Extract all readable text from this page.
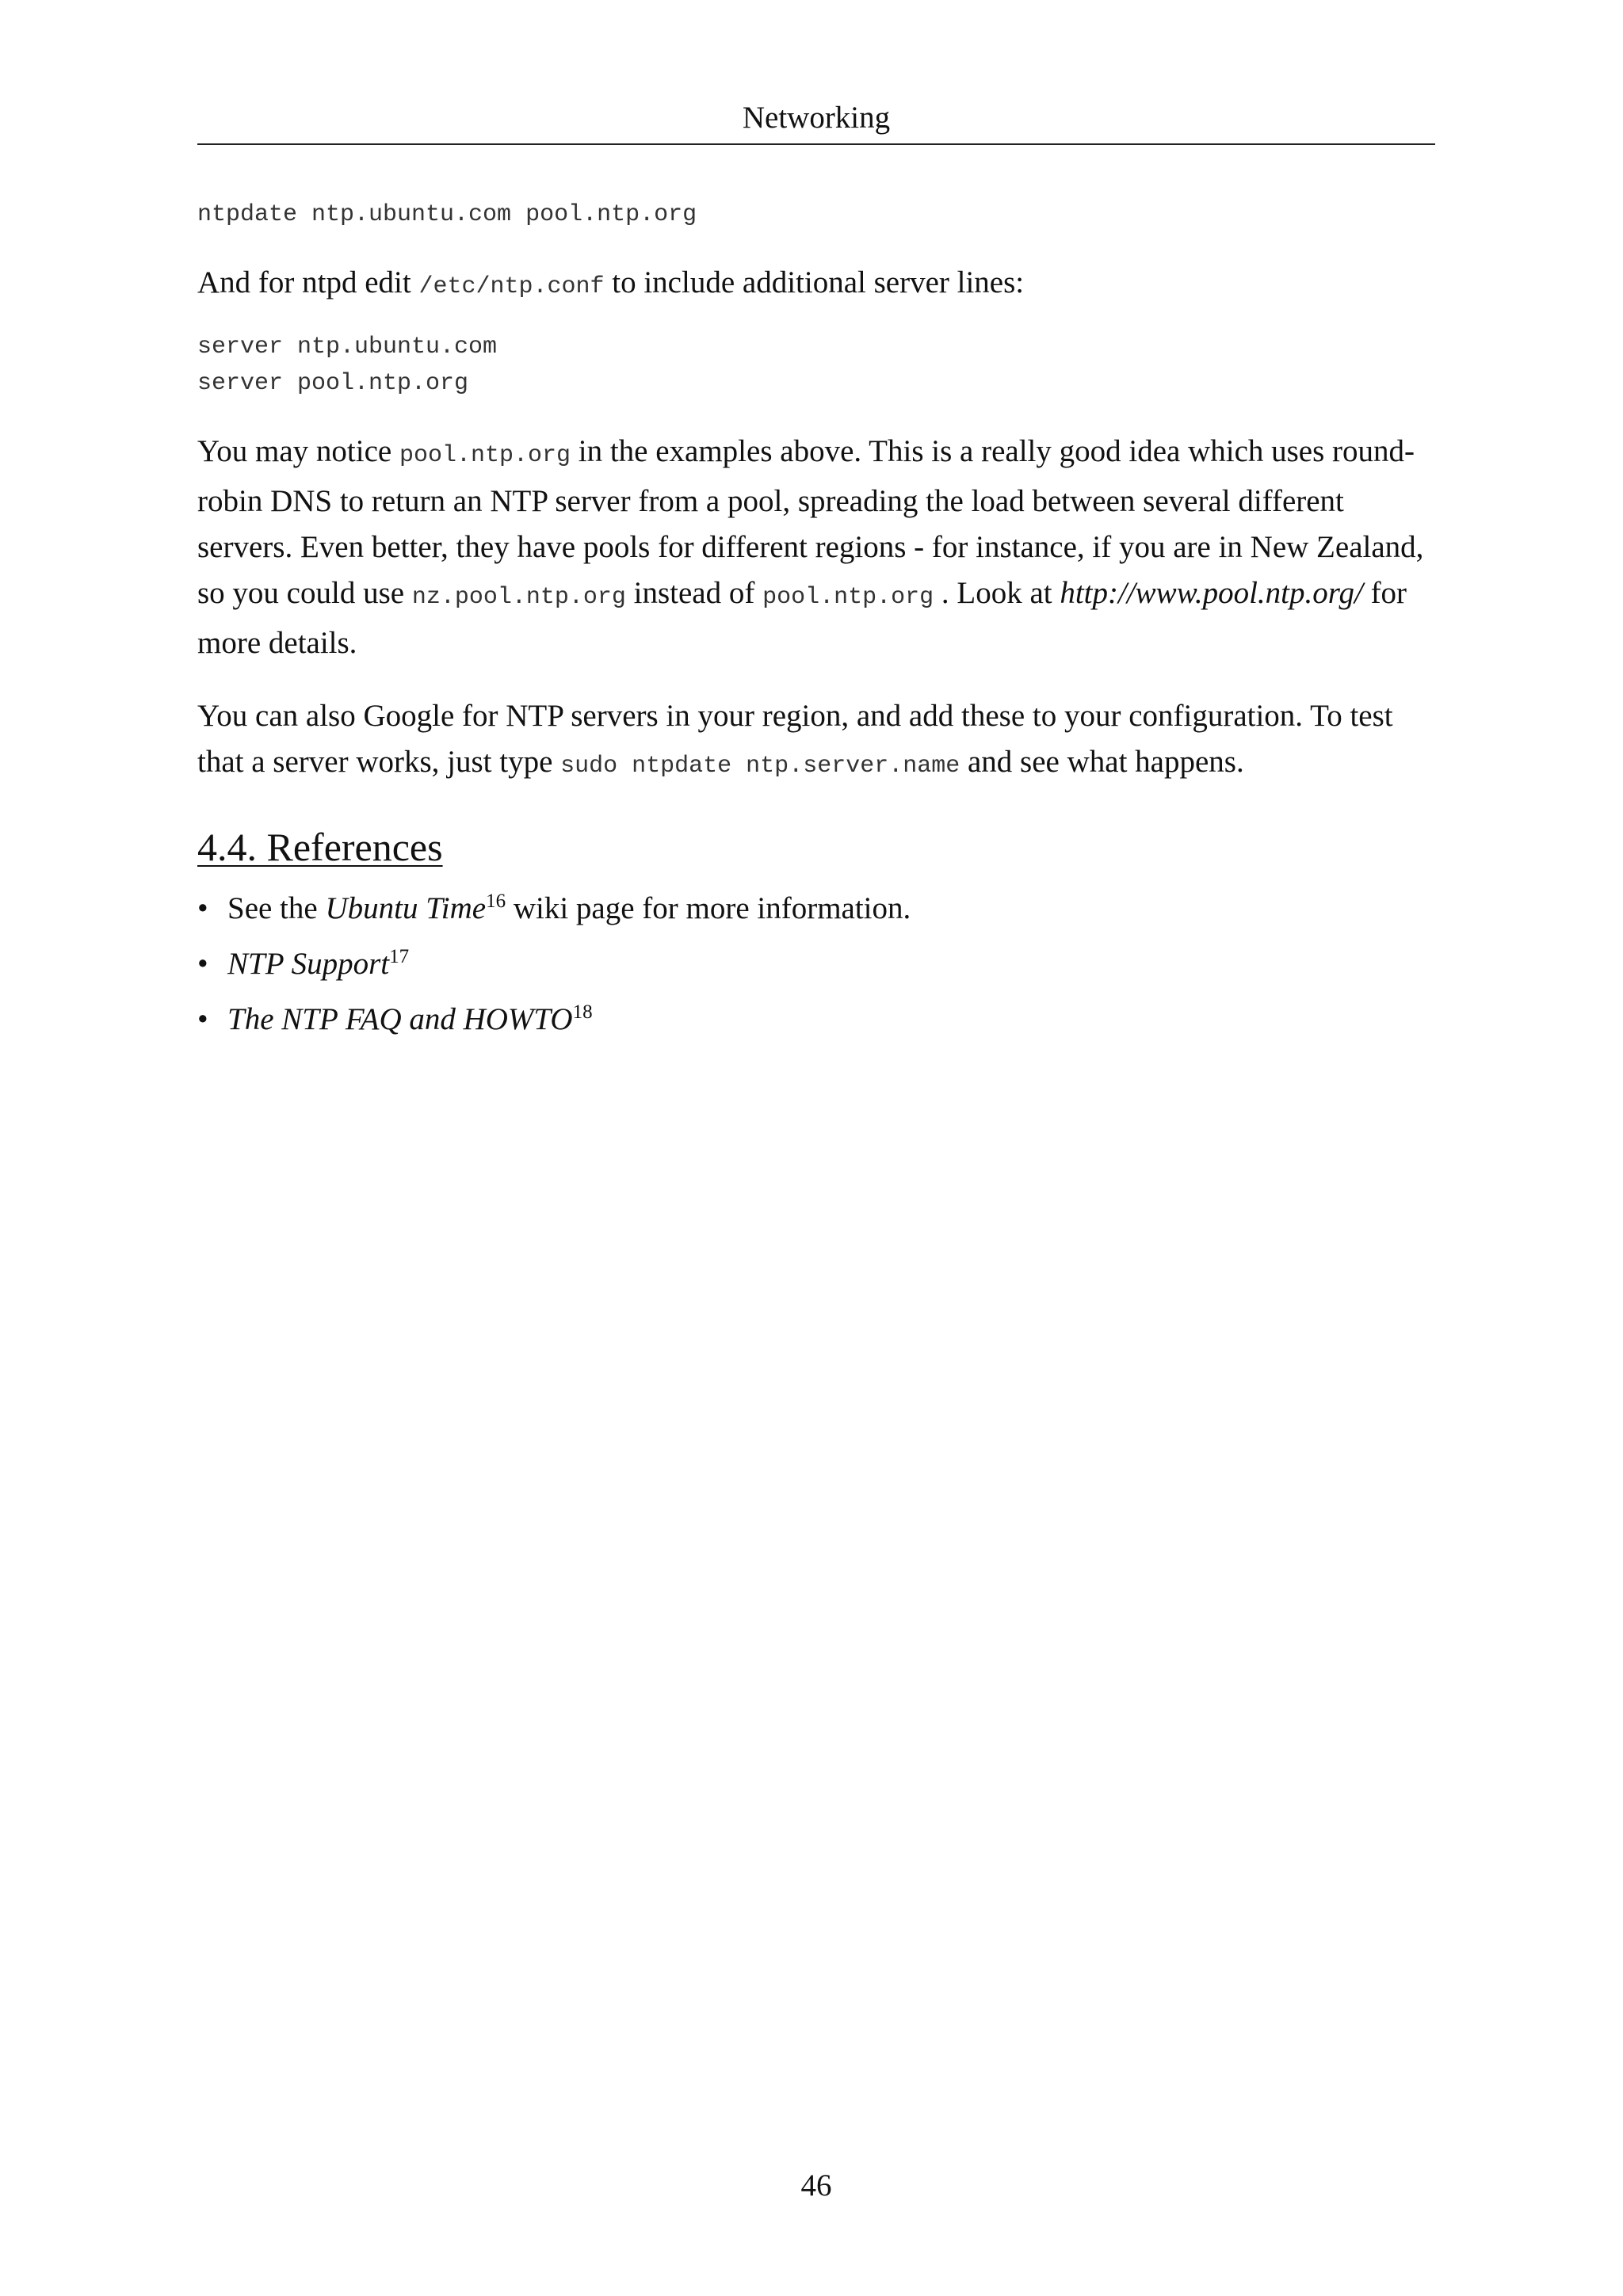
Networking
ntpdate ntp.ubuntu.com pool.ntp.org

And for ntpd edit /etc/ntp.conf to include additional server lines:

server ntp.ubuntu.com
server pool.ntp.org

You may notice pool.ntp.org in the examples above. This is a really good idea which uses round-robin DNS to return an NTP server from a pool, spreading the load between several different servers. Even better, they have pools for different regions - for instance, if you are in New Zealand, so you could use nz.pool.ntp.org instead of pool.ntp.org . Look at http://www.pool.ntp.org/ for more details.

You can also Google for NTP servers in your region, and add these to your configuration. To test that a server works, just type sudo ntpdate ntp.server.name and see what happens.

4.4. References
• See the Ubuntu Time$^{16}$ wiki page for more information.
• NTP Support$^{17}$
• The NTP FAQ and HOWTO$^{18}$
46
